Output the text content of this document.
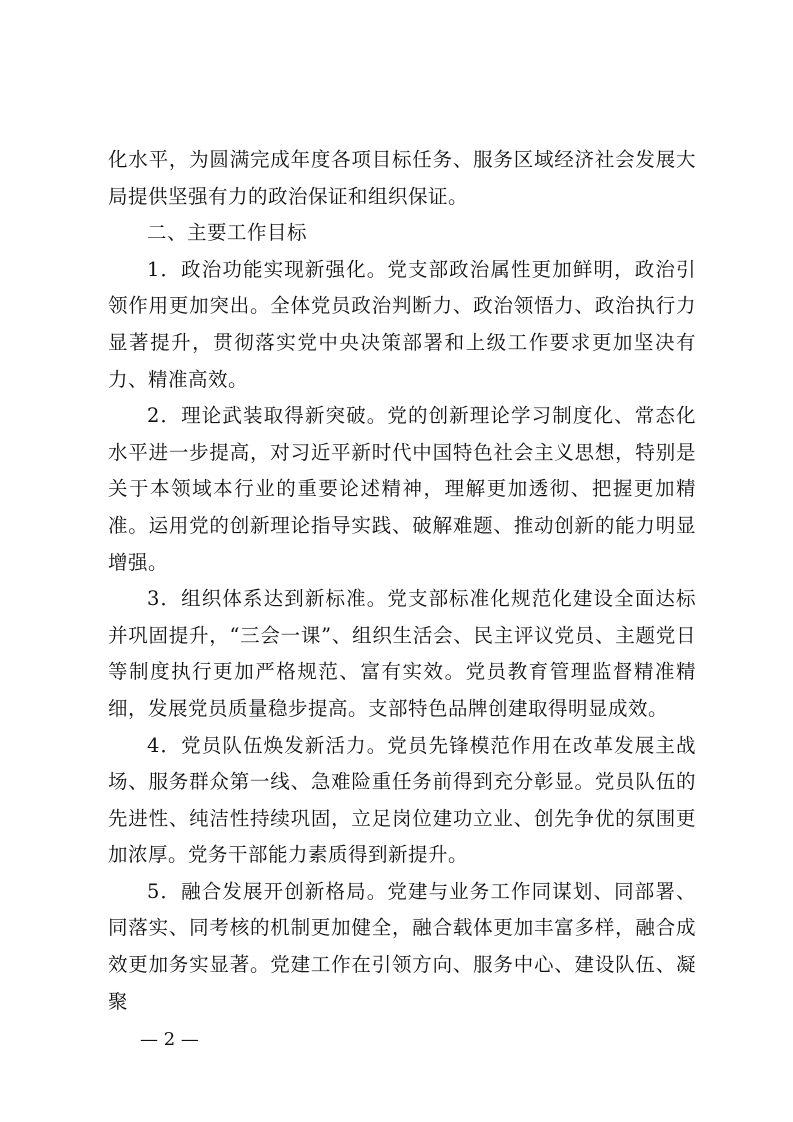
化水平，为圆满完成年度各项目标任务、服务区域经济社会发展大局提供坚强有力的政治保证和组织保证。

二、主要工作目标

1．政治功能实现新强化。党支部政治属性更加鲜明，政治引领作用更加突出。全体党员政治判断力、政治领悟力、政治执行力显著提升，贯彻落实党中央决策部署和上级工作要求更加坚决有力、精准高效。

2．理论武装取得新突破。党的创新理论学习制度化、常态化水平进一步提高，对习近平新时代中国特色社会主义思想，特别是关于本领域本行业的重要论述精神，理解更加透彻、把握更加精准。运用党的创新理论指导实践、破解难题、推动创新的能力明显增强。

3．组织体系达到新标准。党支部标准化规范化建设全面达标并巩固提升，“三会一课”、组织生活会、民主评议党员、主题党日等制度执行更加严格规范、富有实效。党员教育管理监督精准精细，发展党员质量稳步提高。支部特色品牌创建取得明显成效。

4．党员队伍焕发新活力。党员先锋模范作用在改革发展主战场、服务群众第一线、急难险重任务前得到充分彰显。党员队伍的先进性、纯洁性持续巩固，立足岗位建功立业、创先争优的氛围更加浓厚。党务干部能力素质得到新提升。

5．融合发展开创新格局。党建与业务工作同谋划、同部署、同落实、同考核的机制更加健全，融合载体更加丰富多样，融合成效更加务实显著。党建工作在引领方向、服务中心、建设队伍、凝聚

— 2 —
